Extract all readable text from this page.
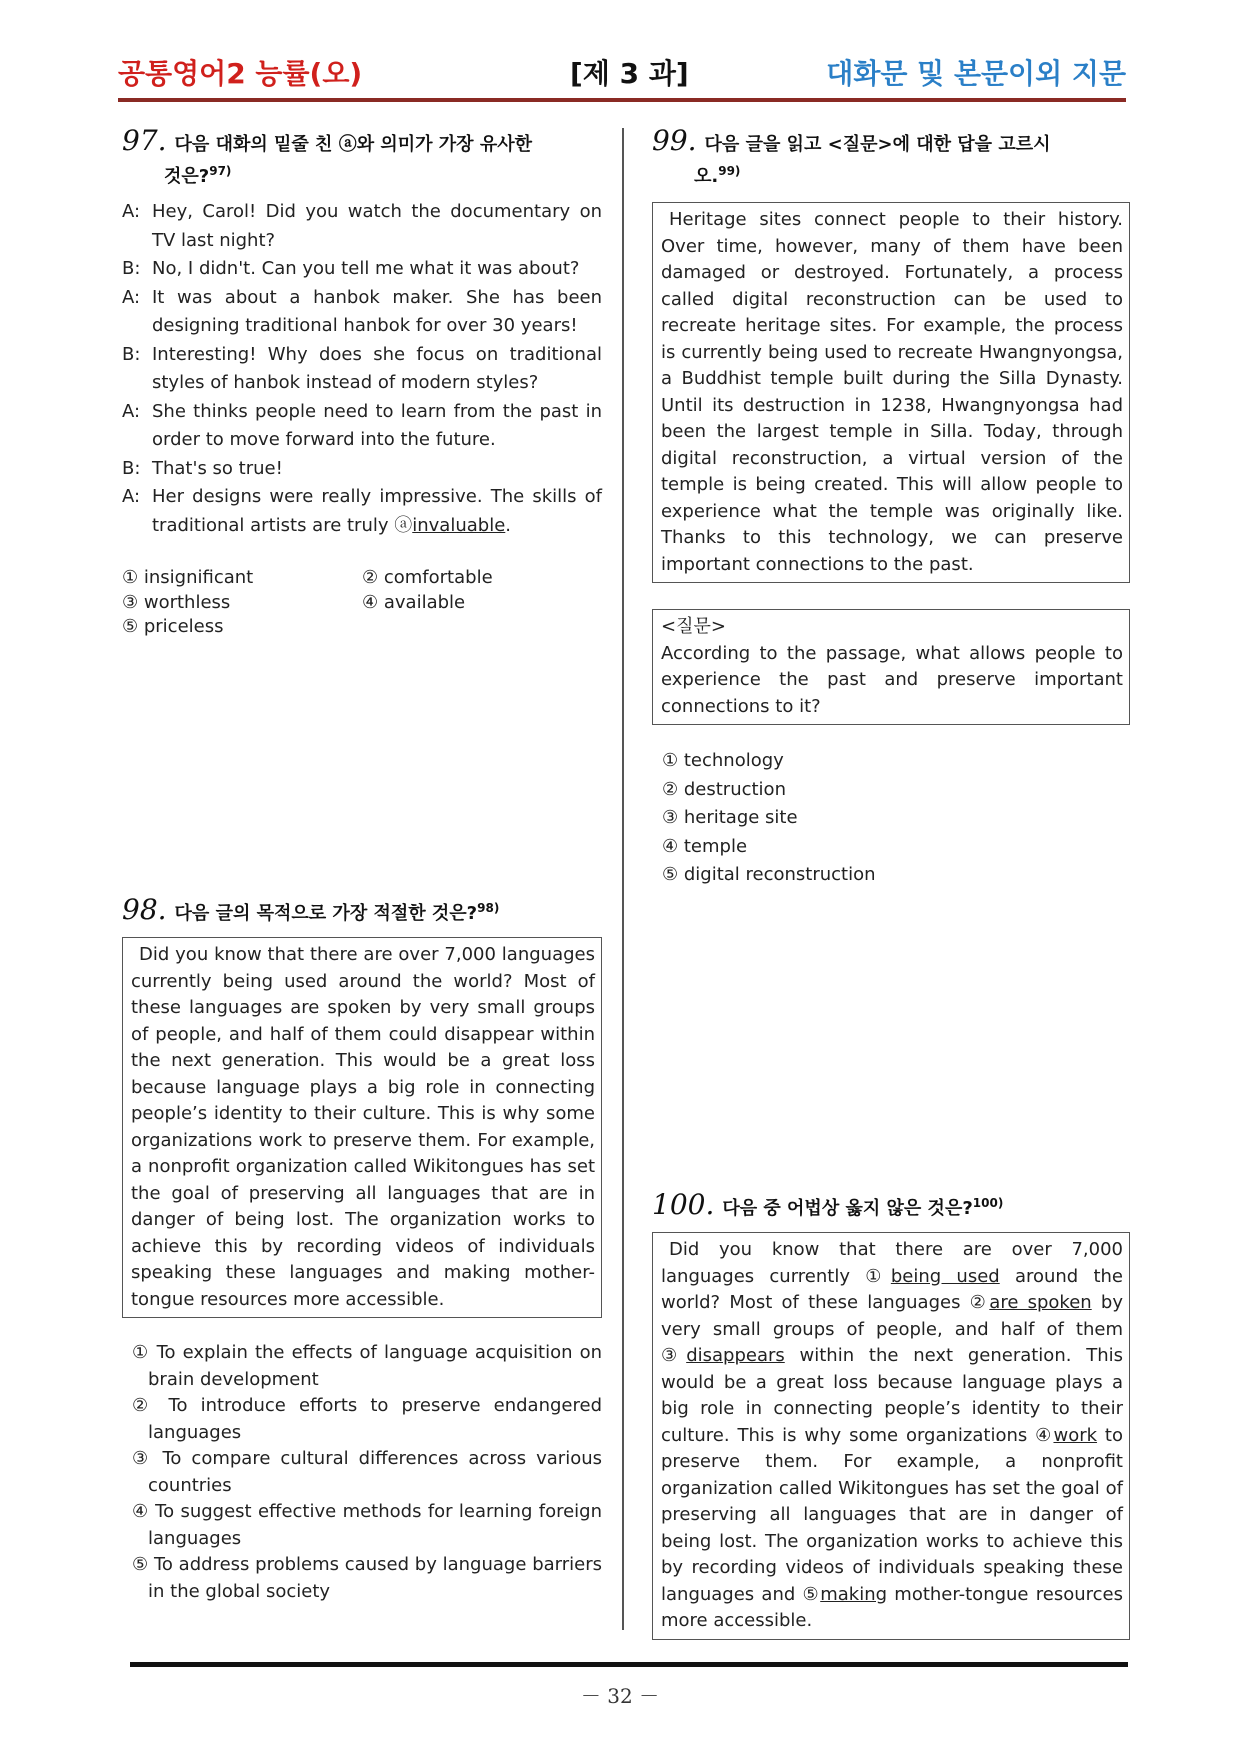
공통영어2 능률(오)	[제 3 과]	대화문 및 본문이외 지문
97. 다음 대화의 밑줄 친 ⓐ와 의미가 가장 유사한
것은?$^{97)}$
A: Hey, Carol! Did you watch the documentary on TV last night?
B: No, I didn't. Can you tell me what it was about?
A: It was about a hanbok maker. She has been designing traditional hanbok for over 30 years!
B: Interesting! Why does she focus on traditional styles of hanbok instead of modern styles?
A: She thinks people need to learn from the past in order to move forward into the future.
B: That's so true!
A: Her designs were really impressive. The skills of traditional artists are truly ⓐinvaluable.
① insignificant	② comfortable
③ worthless	④ available
⑤ priceless
98. 다음 글의 목적으로 가장 적절한 것은?$^{98)}$
Did you know that there are over 7,000 languages currently being used around the world? Most of these languages are spoken by very small groups of people, and half of them could disappear within the next generation. This would be a great loss because language plays a big role in connecting people’s identity to their culture. This is why some organizations work to preserve them. For example, a nonprofit organization called Wikitongues has set the goal of preserving all languages that are in danger of being lost. The organization works to achieve this by recording videos of individuals speaking these languages and making mother-tongue resources more accessible.
① To explain the effects of language acquisition on brain development
② To introduce efforts to preserve endangered languages
③ To compare cultural differences across various countries
④ To suggest effective methods for learning foreign languages
⑤ To address problems caused by language barriers in the global society
99. 다음 글을 읽고 <질문>에 대한 답을 고르시
오.$^{99)}$
Heritage sites connect people to their history. Over time, however, many of them have been damaged or destroyed. Fortunately, a process called digital reconstruction can be used to recreate heritage sites. For example, the process is currently being used to recreate Hwangnyongsa, a Buddhist temple built during the Silla Dynasty. Until its destruction in 1238, Hwangnyongsa had been the largest temple in Silla. Today, through digital reconstruction, a virtual version of the temple is being created. This will allow people to experience what the temple was originally like. Thanks to this technology, we can preserve important connections to the past.
<질문>
According to the passage, what allows people to experience the past and preserve important connections to it?
① technology
② destruction
③ heritage site
④ temple
⑤ digital reconstruction
100. 다음 중 어법상 옳지 않은 것은?$^{100)}$
Did you know that there are over 7,000 languages currently ①being used around the world? Most of these languages ②are spoken by very small groups of people, and half of them ③disappears within the next generation. This would be a great loss because language plays a big role in connecting people’s identity to their culture. This is why some organizations ④work to preserve them. For example, a nonprofit organization called Wikitongues has set the goal of preserving all languages that are in danger of being lost. The organization works to achieve this by recording videos of individuals speaking these languages and ⑤making mother-tongue resources more accessible.
－ 32 －
